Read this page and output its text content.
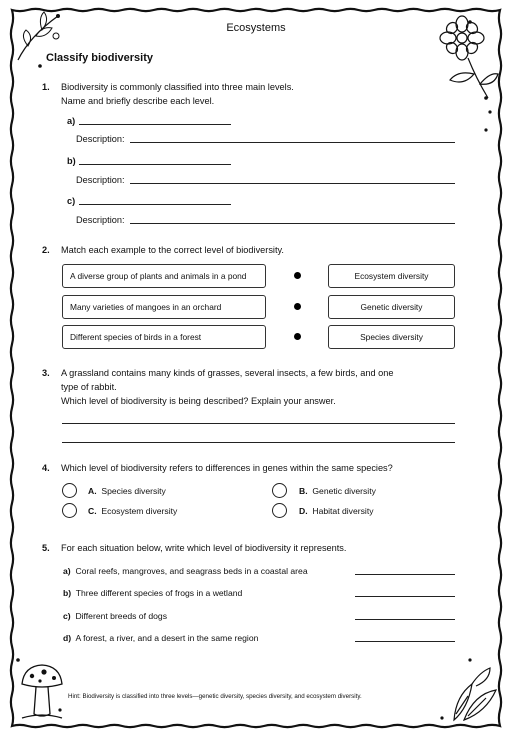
Ecosystems
Classify biodiversity
1. Biodiversity is commonly classified into three main levels.
Name and briefly describe each level.
a)
Description:
b)
Description:
c)
Description:
2. Match each example to the correct level of biodiversity.
A diverse group of plants and animals in a pond
Many varieties of mangoes in an orchard
Different species of birds in a forest
Ecosystem diversity
Genetic diversity
Species diversity
3. A grassland contains many kinds of grasses, several insects, a few birds, and one
type of rabbit.
Which level of biodiversity is being described? Explain your answer.
4. Which level of biodiversity refers to differences in genes within the same species?
A. Species diversity	B. Genetic diversity
C. Ecosystem diversity	D. Habitat diversity
5. For each situation below, write which level of biodiversity it represents.
a) Coral reefs, mangroves, and seagrass beds in a coastal area
b) Three different species of frogs in a wetland
c) Different breeds of dogs
d) A forest, a river, and a desert in the same region
Hint: Biodiversity is classified into three levels—genetic diversity, species diversity, and ecosystem diversity.
